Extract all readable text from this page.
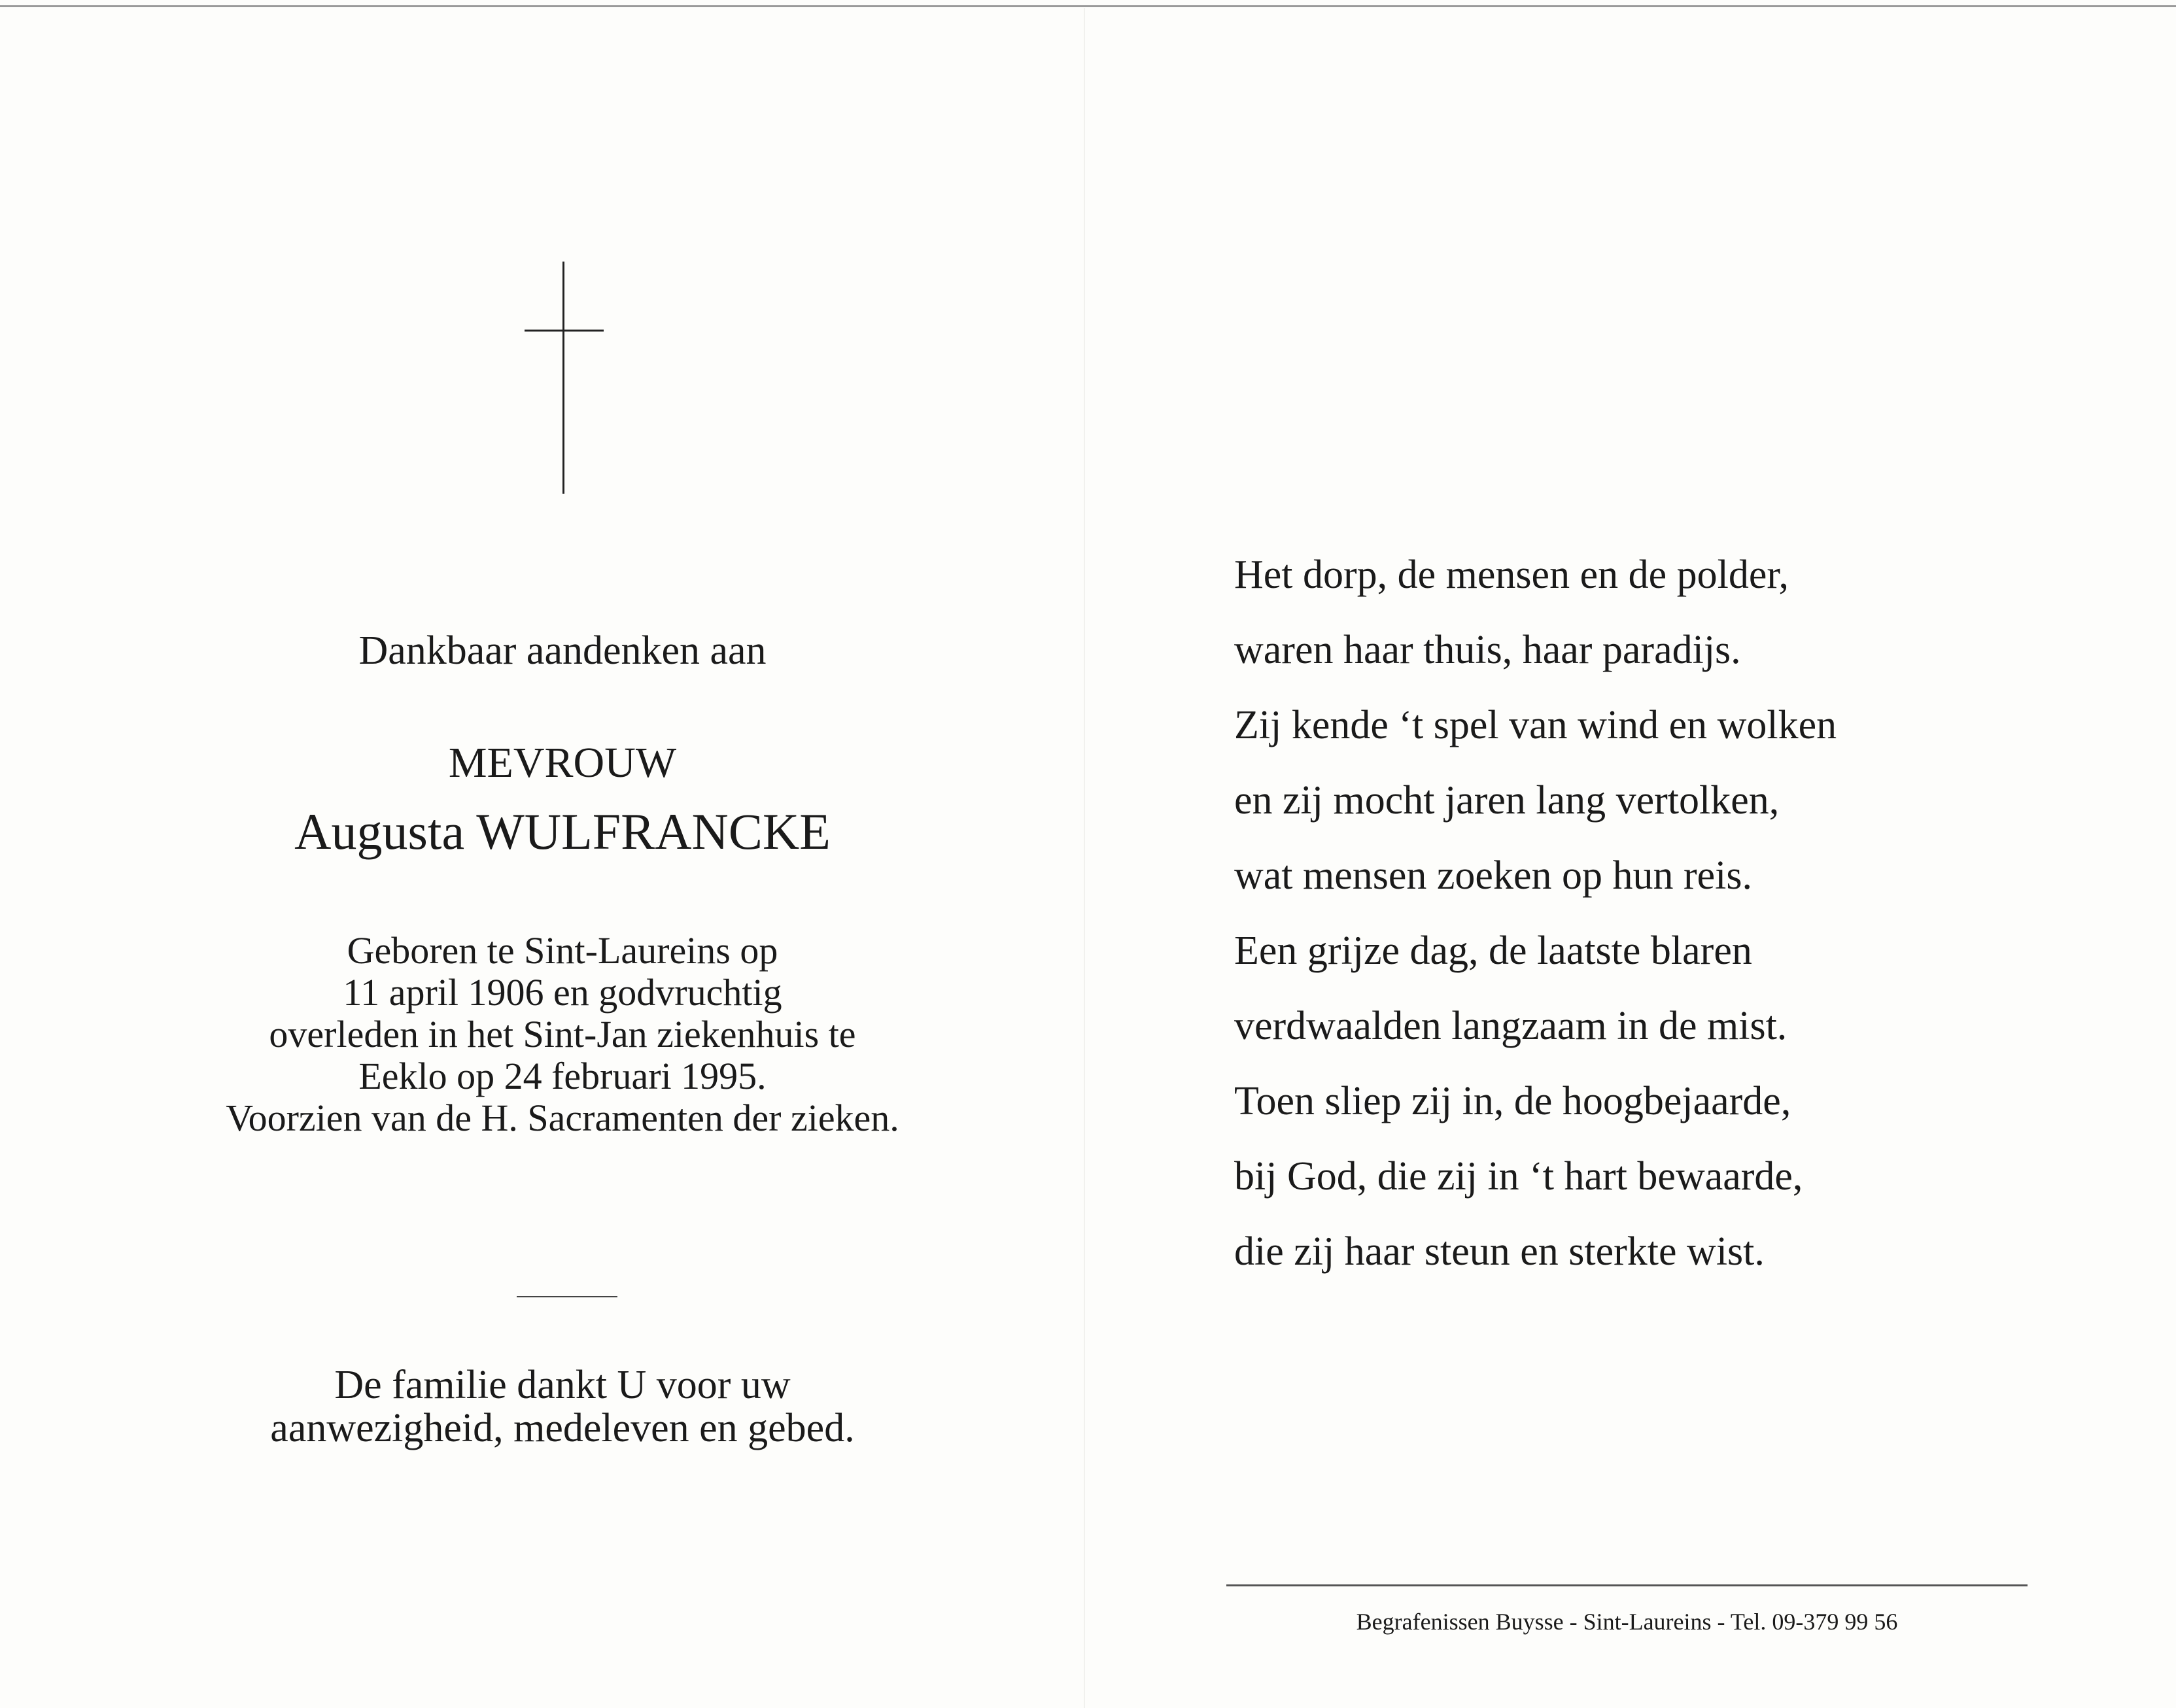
Dankbaar aandenken aan

MEVROUW

Augusta WULFRANCKE

Geboren te Sint-Laureins op
11 april 1906 en godvruchtig
overleden in het Sint-Jan ziekenhuis te
Eeklo op 24 februari 1995.
Voorzien van de H. Sacramenten der zieken.

De familie dankt U voor uw
aanwezigheid, medeleven en gebed.

Het dorp, de mensen en de polder,
waren haar thuis, haar paradijs.
Zij kende ‘t spel van wind en wolken
en zij mocht jaren lang vertolken,
wat mensen zoeken op hun reis.
Een grijze dag, de laatste blaren
verdwaalden langzaam in de mist.
Toen sliep zij in, de hoogbejaarde,
bij God, die zij in ‘t hart bewaarde,
die zij haar steun en sterkte wist.

Begrafenissen Buysse - Sint-Laureins - Tel. 09-379 99 56
